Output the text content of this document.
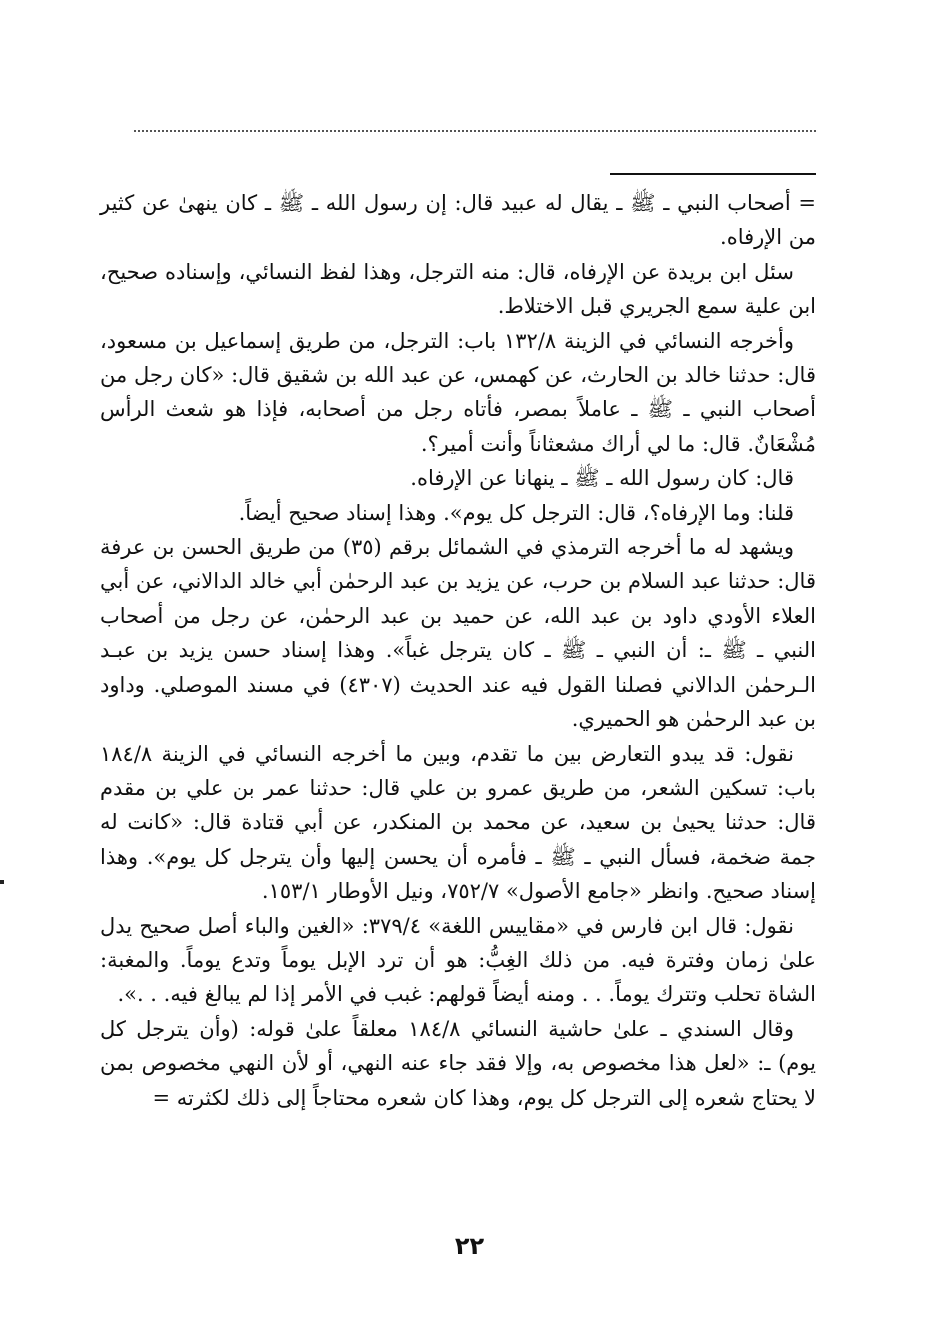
= أصحاب النبي ـ ﷺ ـ يقال له عبيد قال: إن رسول الله ـ ﷺ ـ كان ينهىٰ عن كثير من الإرفاه.

سئل ابن بريدة عن الإرفاه، قال: منه الترجل، وهذا لفظ النسائي، وإسناده صحيح، ابن علية سمع الجريري قبل الاختلاط.

وأخرجه النسائي في الزينة ١٣٢/٨ باب: الترجل، من طريق إسماعيل بن مسعود، قال: حدثنا خالد بن الحارث، عن كهمس، عن عبد الله بن شقيق قال: «كان رجل من أصحاب النبي ـ ﷺ ـ عاملاً بمصر، فأتاه رجل من أصحابه، فإذا هو شعث الرأس مُشْعَانٌ. قال: ما لي أراك مشعثاناً وأنت أمير؟.

قال: كان رسول الله ـ ﷺ ـ ينهانا عن الإرفاه.

قلنا: وما الإرفاه؟، قال: الترجل كل يوم». وهذا إسناد صحيح أيضاً.

ويشهد له ما أخرجه الترمذي في الشمائل برقم (٣٥) من طريق الحسن بن عرفة قال: حدثنا عبد السلام بن حرب، عن يزيد بن عبد الرحمٰن أبي خالد الدالاني، عن أبي العلاء الأودي داود بن عبد الله، عن حميد بن عبد الرحمٰن، عن رجل من أصحاب النبي ـ ﷺ ـ: أن النبي ـ ﷺ ـ كان يترجل غباً». وهذا إسناد حسن يزيد بن عبـد الـرحمٰن الدالاني فصلنا القول فيه عند الحديث (٤٣٠٧) في مسند الموصلي. وداود بن عبد الرحمٰن هو الحميري.

نقول: قد يبدو التعارض بين ما تقدم، وبين ما أخرجه النسائي في الزينة ١٨٤/٨ باب: تسكين الشعر، من طريق عمرو بن علي قال: حدثنا عمر بن علي بن مقدم قال: حدثنا يحيىٰ بن سعيد، عن محمد بن المنكدر، عن أبي قتادة قال: «كانت له جمة ضخمة، فسأل النبي ـ ﷺ ـ فأمره أن يحسن إليها وأن يترجل كل يوم». وهذا إسناد صحيح. وانظر «جامع الأصول» ٧٥٢/٧، ونيل الأوطار ١٥٣/١.

نقول: قال ابن فارس في «مقاييس اللغة» ٣٧٩/٤: «الغين والباء أصل صحيح يدل علىٰ زمان وفترة فيه. من ذلك الغِبُّ: هو أن ترد الإبل يوماً وتدع يوماً. والمغبة: الشاة تحلب وتترك يوماً. . . ومنه أيضاً قولهم: غبب في الأمر إذا لم يبالغ فيه. . .».

وقال السندي ـ علىٰ حاشية النسائي ١٨٤/٨ معلقاً علىٰ قوله: (وأن يترجل كل يوم) ـ: «لعل هذا مخصوص به، وإلا فقد جاء عنه النهي، أو لأن النهي مخصوص بمن لا يحتاج شعره إلى الترجل كل يوم، وهذا كان شعره محتاجاً إلى ذلك لكثرته =

٢٢
